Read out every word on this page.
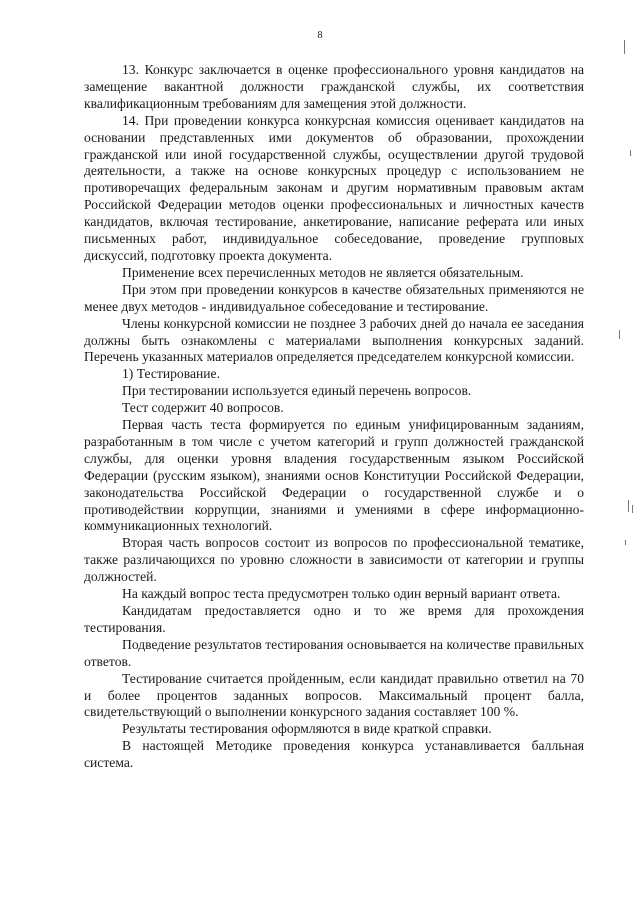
8

13. Конкурс заключается в оценке профессионального уровня кандидатов на замещение вакантной должности гражданской службы, их соответствия квалификационным требованиям для замещения этой должности.

14. При проведении конкурса конкурсная комиссия оценивает кандидатов на основании представленных ими документов об образовании, прохождении гражданской или иной государственной службы, осуществлении другой трудовой деятельности, а также на основе конкурсных процедур с использованием не противоречащих федеральным законам и другим нормативным правовым актам Российской Федерации методов оценки профессиональных и личностных качеств кандидатов, включая тестирование, анкетирование, написание реферата или иных письменных работ, индивидуальное собеседование, проведение групповых дискуссий, подготовку проекта документа.

Применение всех перечисленных методов не является обязательным.

При этом при проведении конкурсов в качестве обязательных применяются не менее двух методов - индивидуальное собеседование и тестирование.

Члены конкурсной комиссии не позднее 3 рабочих дней до начала ее заседания должны быть ознакомлены с материалами выполнения конкурсных заданий. Перечень указанных материалов определяется председателем конкурсной комиссии.

1) Тестирование.

При тестировании используется единый перечень вопросов.

Тест содержит 40 вопросов.

Первая часть теста формируется по единым унифицированным заданиям, разработанным в том числе с учетом категорий и групп должностей гражданской службы, для оценки уровня владения государственным языком Российской Федерации (русским языком), знаниями основ Конституции Российской Федерации, законодательства Российской Федерации о государственной службе и о противодействии коррупции, знаниями и умениями в сфере информационно-коммуникационных технологий.

Вторая часть вопросов состоит из вопросов по профессиональной тематике, также различающихся по уровню сложности в зависимости от категории и группы должностей.

На каждый вопрос теста предусмотрен только один верный вариант ответа.

Кандидатам предоставляется одно и то же время для прохождения тестирования.

Подведение результатов тестирования основывается на количестве правильных ответов.

Тестирование считается пройденным, если кандидат правильно ответил на 70 и более процентов заданных вопросов. Максимальный процент балла, свидетельствующий о выполнении конкурсного задания составляет 100 %.

Результаты тестирования оформляются в виде краткой справки.

В настоящей Методике проведения конкурса устанавливается балльная система.
